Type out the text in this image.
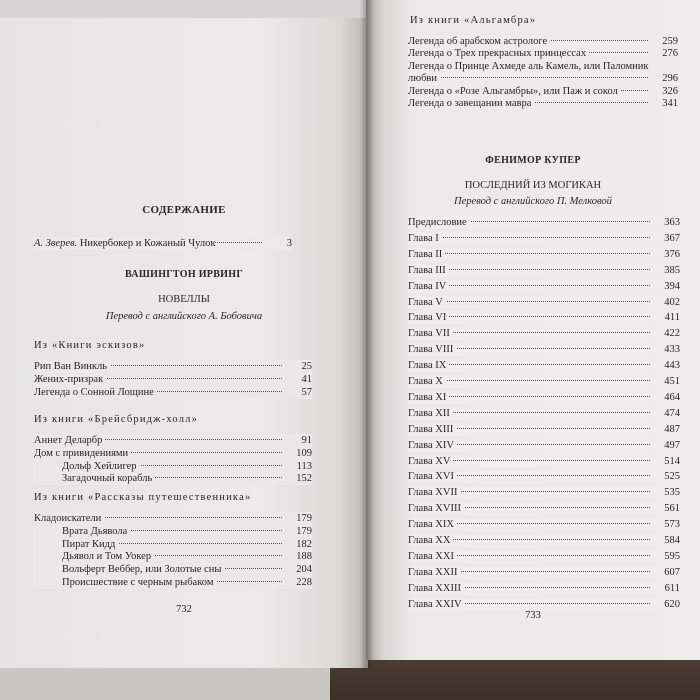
СОДЕРЖАНИЕ
А. Зверев. Никербокер и Кожаный Чулок	3
ВАШИНГТОН ИРВИНГ
НОВЕЛЛЫ
Перевод с английского А. Бобовича
Из «Книги эскизов»
Рип Ван Винкль	25
Жених-призрак	41
Легенда о Сонной Лощине	57
Из книги «Брейсбридж-холл»
Аннет Деларбр	91
Дом с привидениями	109
Дольф Хейлигер	113
Загадочный корабль	152
Из книги «Рассказы путешественника»
Кладоискатели	179
Врата Дьявола	179
Пират Кидд	182
Дьявол и Том Уокер	188
Вольферт Веббер, или Золотые сны	204
Происшествие с черным рыбаком	228
732
Из книги «Альгамбра»
Легенда об арабском астрологе	259
Легенда о Трех прекрасных принцессах	276
Легенда о Принце Ахмеде аль Камель, или Паломник
любви	296
Легенда о «Розе Альгамбры», или Паж и сокол	326
Легенда о завещании мавра	341
ФЕНИМОР КУПЕР
ПОСЛЕДНИЙ ИЗ МОГИКАН
Перевод с английского П. Мелковой
Предисловие	363
Глава I	367
Глава II	376
Глава III	385
Глава IV	394
Глава V	402
Глава VI	411
Глава VII	422
Глава VIII	433
Глава IX	443
Глава X	451
Глава XI	464
Глава XII	474
Глава XIII	487
Глава XIV	497
Глава XV	514
Глава XVI	525
Глава XVII	535
Глава XVIII	561
Глава XIX	573
Глава XX	584
Глава XXI	595
Глава XXII	607
Глава XXIII	611
Глава XXIV	620
733
